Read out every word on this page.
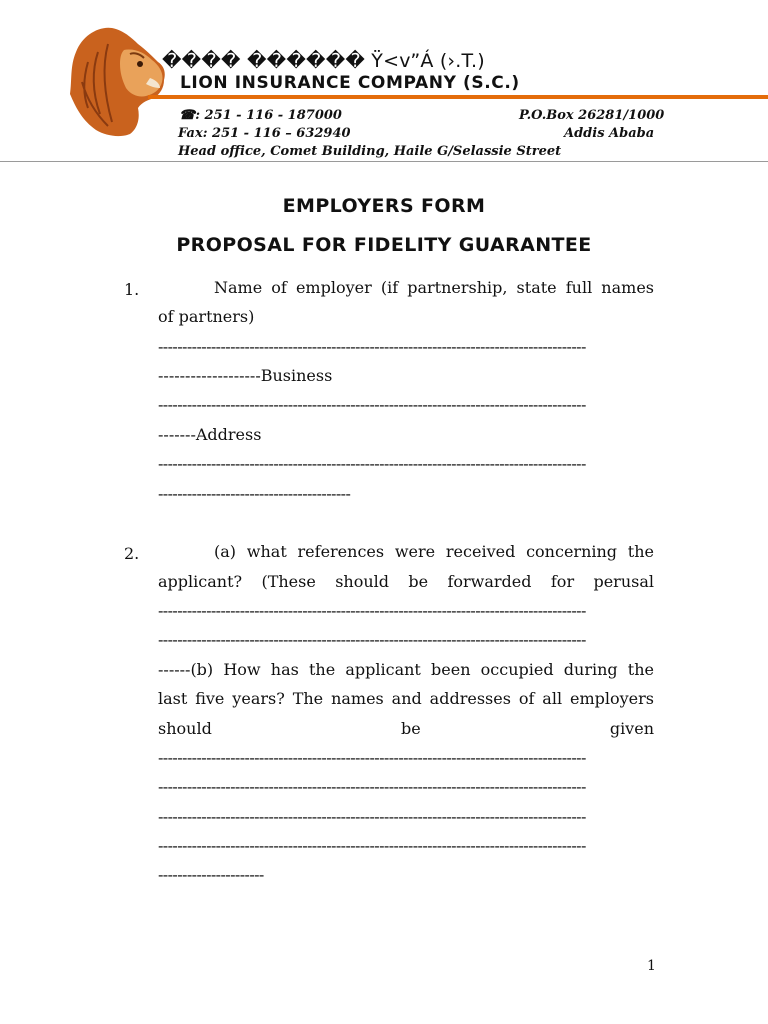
���� ������ Ÿ<v”Á (›.T.)
LION INSURANCE COMPANY (S.C.)
☎: 251 - 116 - 187000
Fax: 251 - 116 – 632940
Head office, Comet Building, Haile G/Selassie Street
P.O.Box 26281/1000
Addis Ababa
EMPLOYERS FORM
PROPOSAL FOR FIDELITY GUARANTEE
1.	Name of employer (if partnership, state full names
of partners)
-----------------------------------------------------------------------------------------
-------------------Business
-----------------------------------------------------------------------------------------
-------Address
-----------------------------------------------------------------------------------------
----------------------------------------
2.	(a) what references were received concerning the
applicant? (These should be forwarded for perusal
-----------------------------------------------------------------------------------------
-----------------------------------------------------------------------------------------
------(b) How has the applicant been occupied during the
last five years? The names and addresses of all employers
should be given
-----------------------------------------------------------------------------------------
-----------------------------------------------------------------------------------------
-----------------------------------------------------------------------------------------
-----------------------------------------------------------------------------------------
----------------------
1
